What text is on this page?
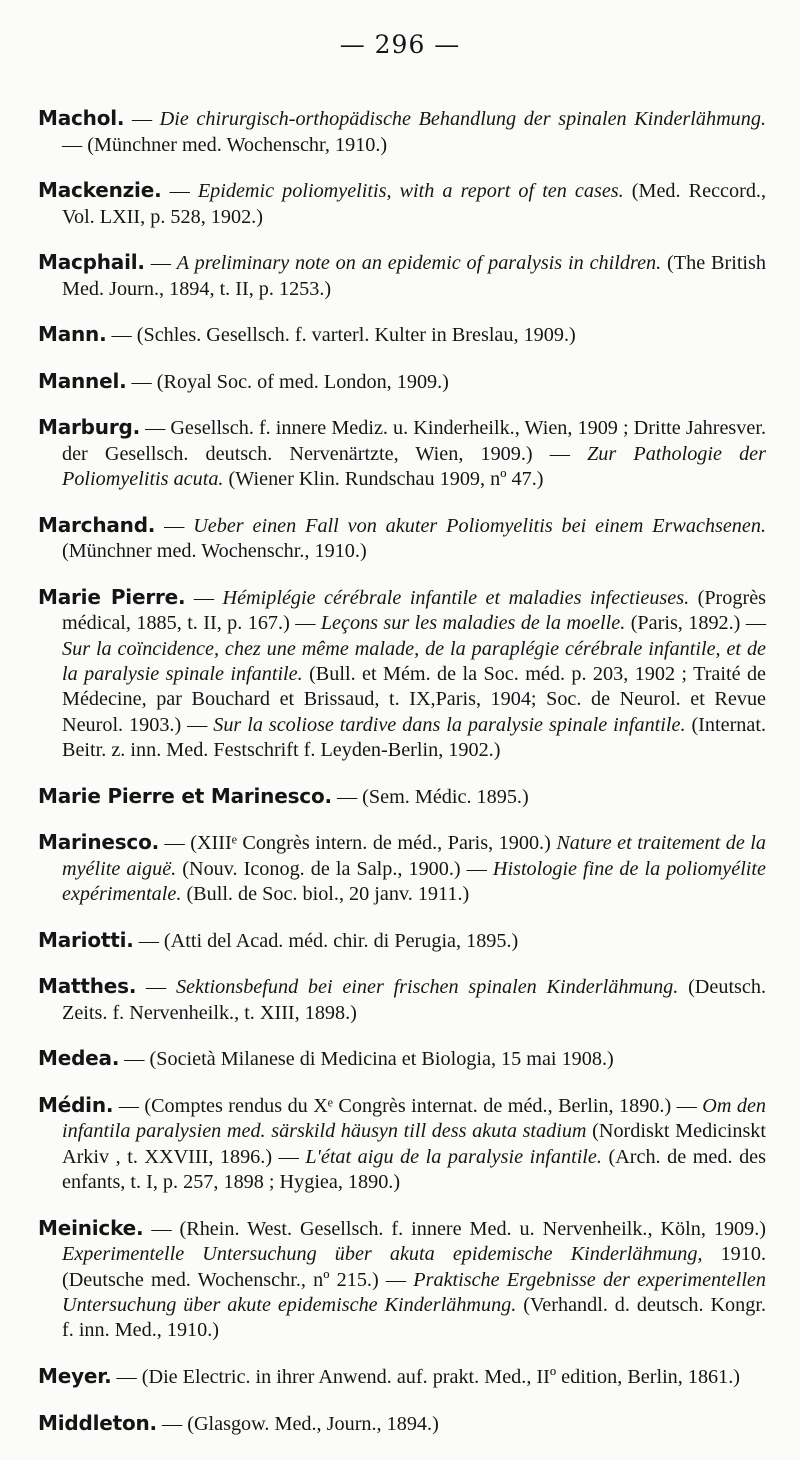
— 296 —

Machol. — Die chirurgisch-orthopädische Behandlung der spinalen Kinderlähmung. — (Münchner med. Wochenschr, 1910.)

Mackenzie. — Epidemic poliomyelitis, with a report of ten cases. (Med. Reccord., Vol. LXII, p. 528, 1902.)

Macphail. — A preliminary note on an epidemic of paralysis in children. (The British Med. Journ., 1894, t. II, p. 1253.)

Mann. — (Schles. Gesellsch. f. varterl. Kulter in Breslau, 1909.)

Mannel. — (Royal Soc. of med. London, 1909.)

Marburg. — Gesellsch. f. innere Mediz. u. Kinderheilk., Wien, 1909 ; Dritte Jahresver. der Gesellsch. deutsch. Nervenärtzte, Wien, 1909.) — Zur Pathologie der Poliomyelitis acuta. (Wiener Klin. Rundschau 1909, nº 47.)

Marchand. — Ueber einen Fall von akuter Poliomyelitis bei einem Erwachsenen. (Münchner med. Wochenschr., 1910.)

Marie Pierre. — Hémiplégie cérébrale infantile et maladies infectieuses. (Progrès médical, 1885, t. II, p. 167.) — Leçons sur les maladies de la moelle. (Paris, 1892.) — Sur la coïncidence, chez une même malade, de la paraplégie cérébrale infantile, et de la paralysie spinale infantile. (Bull. et Mém. de la Soc. méd. p. 203, 1902 ; Traité de Médecine, par Bouchard et Brissaud, t. IX,Paris, 1904; Soc. de Neurol. et Revue Neurol. 1903.) — Sur la scoliose tardive dans la paralysie spinale infantile. (Internat. Beitr. z. inn. Med. Festschrift f. Leyden-Berlin, 1902.)

Marie Pierre et Marinesco. — (Sem. Médic. 1895.)

Marinesco. — (XIIIᵉ Congrès intern. de méd., Paris, 1900.) Nature et traitement de la myélite aiguë. (Nouv. Iconog. de la Salp., 1900.) — Histologie fine de la poliomyélite expérimentale. (Bull. de Soc. biol., 20 janv. 1911.)

Mariotti. — (Atti del Acad. méd. chir. di Perugia, 1895.)

Matthes. — Sektionsbefund bei einer frischen spinalen Kinderlähmung. (Deutsch. Zeits. f. Nervenheilk., t. XIII, 1898.)

Medea. — (Società Milanese di Medicina et Biologia, 15 mai 1908.)

Médin. — (Comptes rendus du Xᵉ Congrès internat. de méd., Berlin, 1890.) — Om den infantila paralysien med. särskild häusyn till dess akuta stadium (Nordiskt Medicinskt Arkiv , t. XXVIII, 1896.) — L'état aigu de la paralysie infantile. (Arch. de med. des enfants, t. I, p. 257, 1898 ; Hygiea, 1890.)

Meinicke. — (Rhein. West. Gesellsch. f. innere Med. u. Nervenheilk., Köln, 1909.) Experimentelle Untersuchung über akuta epidemische Kinderlähmung, 1910. (Deutsche med. Wochenschr., nº 215.) — Praktische Ergebnisse der experimentellen Untersuchung über akute epidemische Kinderlähmung. (Verhandl. d. deutsch. Kongr. f. inn. Med., 1910.)

Meyer. — (Die Electric. in ihrer Anwend. auf. prakt. Med., IIº edition, Berlin, 1861.)

Middleton. — (Glasgow. Med., Journ., 1894.)
